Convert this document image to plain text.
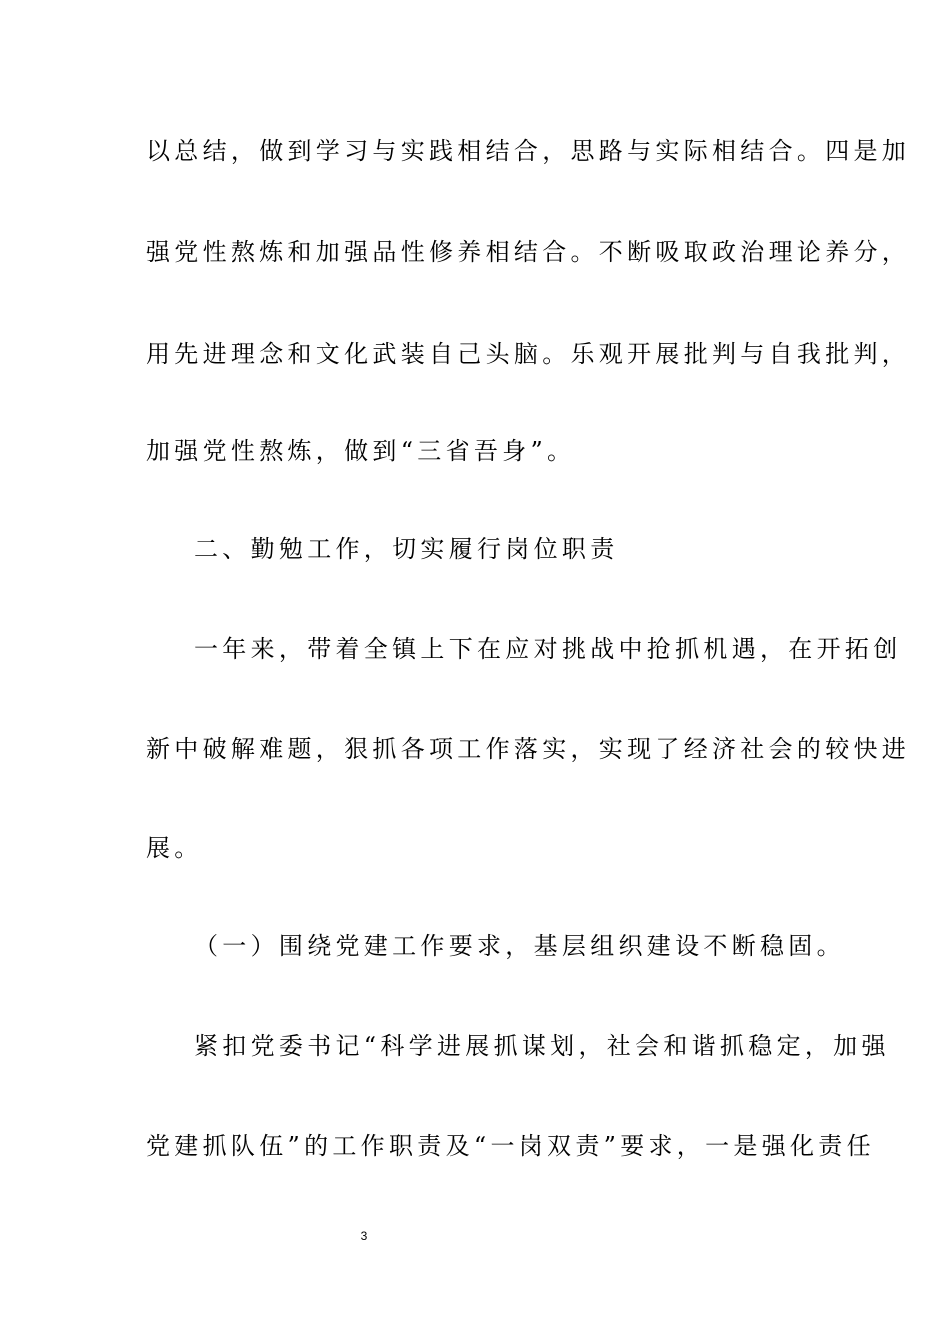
以总结，做到学习与实践相结合，思路与实际相结合。四是加
强党性熬炼和加强品性修养相结合。不断吸取政治理论养分，
用先进理念和文化武装自己头脑。乐观开展批判与自我批判，
加强党性熬炼，做到“三省吾身”。
二、勤勉工作，切实履行岗位职责
一年来，带着全镇上下在应对挑战中抢抓机遇，在开拓创
新中破解难题，狠抓各项工作落实，实现了经济社会的较快进
展。
（一）围绕党建工作要求，基层组织建设不断稳固。
紧扣党委书记“科学进展抓谋划，社会和谐抓稳定，加强
党建抓队伍”的工作职责及“一岗双责”要求，一是强化责任
3
